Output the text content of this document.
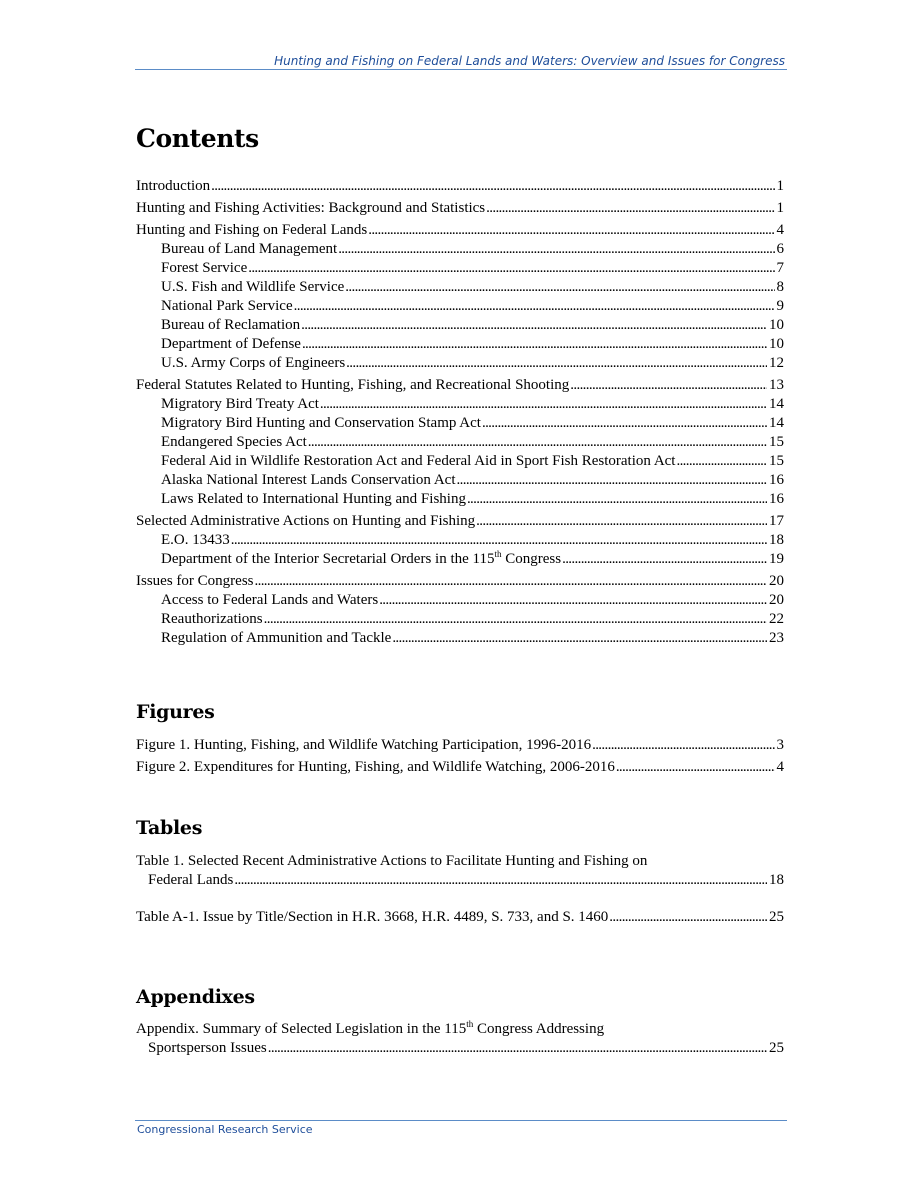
Hunting and Fishing on Federal Lands and Waters: Overview and Issues for Congress
Contents
Introduction . . .	1
Hunting and Fishing Activities: Background and Statistics . . .	1
Hunting and Fishing on Federal Lands . . .	4
Bureau of Land Management . . .	6
Forest Service . . .	7
U.S. Fish and Wildlife Service . . .	8
National Park Service . . .	9
Bureau of Reclamation . . .	10
Department of Defense . . .	10
U.S. Army Corps of Engineers . . .	12
Federal Statutes Related to Hunting, Fishing, and Recreational Shooting . . .	13
Migratory Bird Treaty Act . . .	14
Migratory Bird Hunting and Conservation Stamp Act . . .	14
Endangered Species Act . . .	15
Federal Aid in Wildlife Restoration Act and Federal Aid in Sport Fish Restoration Act . . .	15
Alaska National Interest Lands Conservation Act . . .	16
Laws Related to International Hunting and Fishing . . .	16
Selected Administrative Actions on Hunting and Fishing . . .	17
E.O. 13433 . . .	18
Department of the Interior Secretarial Orders in the 115th Congress . . .	19
Issues for Congress . . .	20
Access to Federal Lands and Waters . . .	20
Reauthorizations . . .	22
Regulation of Ammunition and Tackle . . .	23
Figures
Figure 1. Hunting, Fishing, and Wildlife Watching Participation, 1996-2016 . . .	3
Figure 2. Expenditures for Hunting, Fishing, and Wildlife Watching, 2006-2016 . . .	4
Tables
Table 1. Selected Recent Administrative Actions to Facilitate Hunting and Fishing on
Federal Lands . . .	18
Table A-1. Issue by Title/Section in H.R. 3668, H.R. 4489, S. 733, and S. 1460 . . .	25
Appendixes
Appendix. Summary of Selected Legislation in the 115th Congress Addressing
Sportsperson Issues . . .	25
Congressional Research Service
